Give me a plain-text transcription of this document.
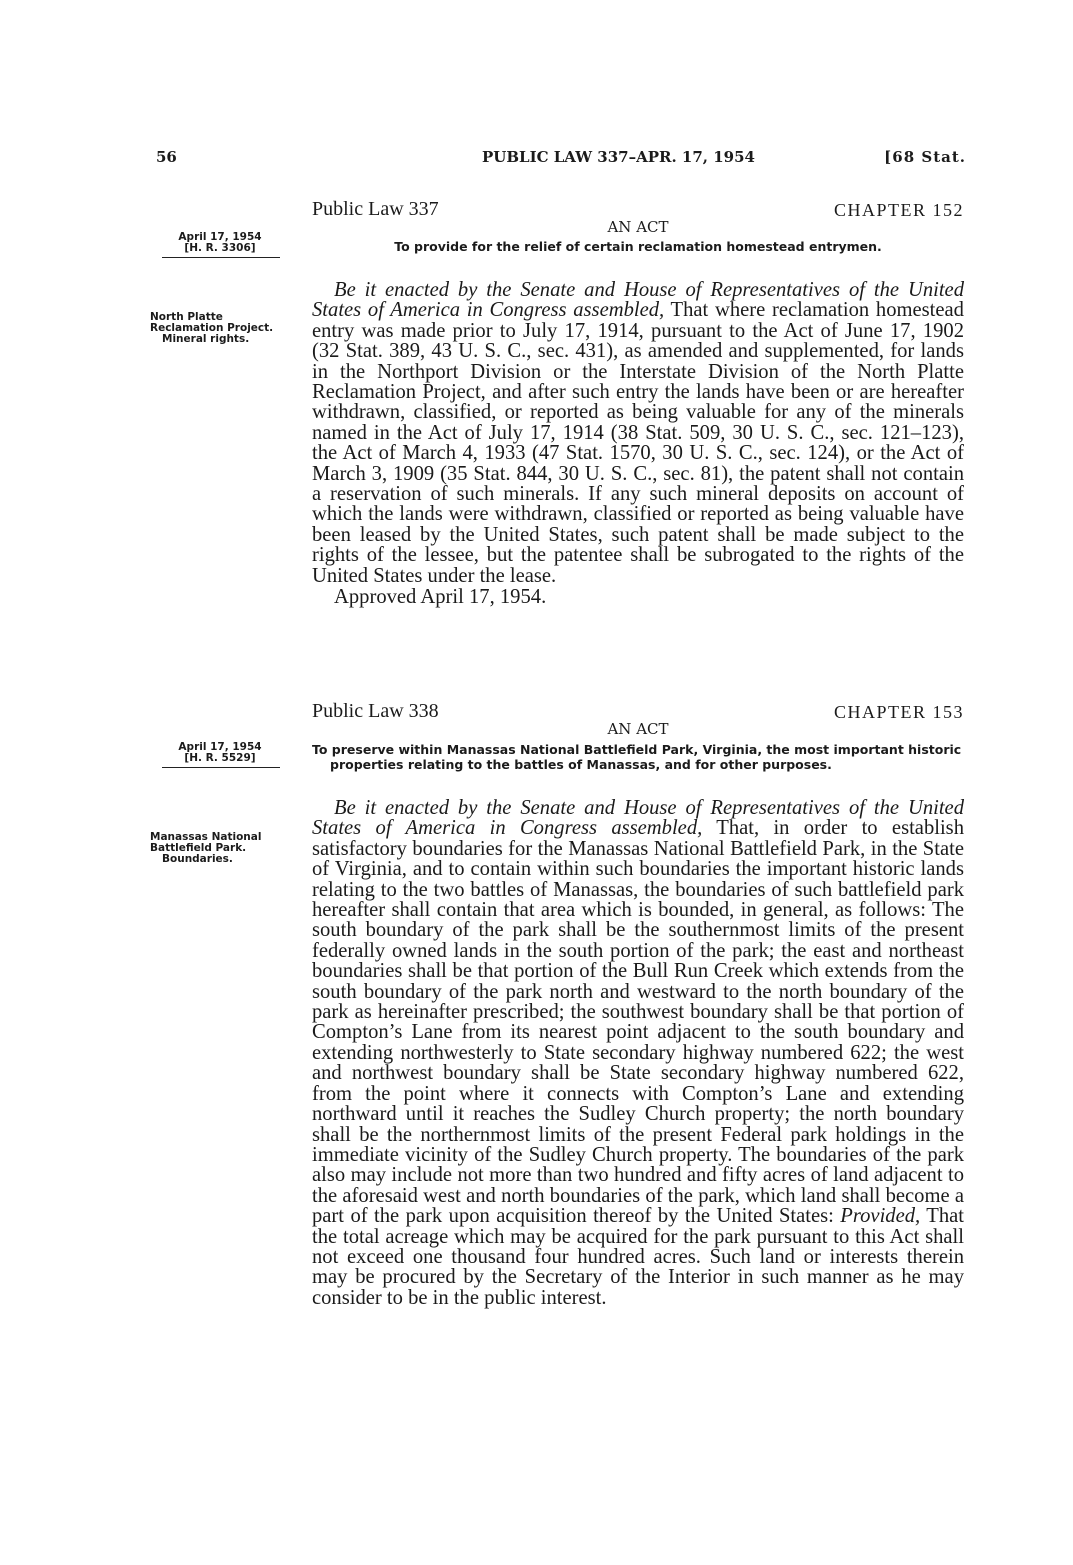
56	PUBLIC LAW 337–APR. 17, 1954	[68 Stat.
April 17, 1954
[H. R. 3306]
North Platte Reclamation Project.
Mineral rights.
Public Law 337	CHAPTER 152
AN ACT
To provide for the relief of certain reclamation homestead entrymen.

Be it enacted by the Senate and House of Representatives of the United States of America in Congress assembled, That where reclamation homestead entry was made prior to July 17, 1914, pursuant to the Act of June 17, 1902 (32 Stat. 389, 43 U. S. C., sec. 431), as amended and supplemented, for lands in the Northport Division or the Interstate Division of the North Platte Reclamation Project, and after such entry the lands have been or are hereafter withdrawn, classified, or reported as being valuable for any of the minerals named in the Act of July 17, 1914 (38 Stat. 509, 30 U. S. C., sec. 121–123), the Act of March 4, 1933 (47 Stat. 1570, 30 U. S. C., sec. 124), or the Act of March 3, 1909 (35 Stat. 844, 30 U. S. C., sec. 81), the patent shall not contain a reservation of such minerals. If any such mineral deposits on account of which the lands were withdrawn, classified or reported as being valuable have been leased by the United States, such patent shall be made subject to the rights of the lessee, but the patentee shall be subrogated to the rights of the United States under the lease.

Approved April 17, 1954.

April 17, 1954
[H. R. 5529]
Manassas National Battlefield Park.
Boundaries.
Public Law 338	CHAPTER 153
AN ACT
To preserve within Manassas National Battlefield Park, Virginia, the most important historic properties relating to the battles of Manassas, and for other purposes.

Be it enacted by the Senate and House of Representatives of the United States of America in Congress assembled, That, in order to establish satisfactory boundaries for the Manassas National Battlefield Park, in the State of Virginia, and to contain within such boundaries the important historic lands relating to the two battles of Manassas, the boundaries of such battlefield park hereafter shall contain that area which is bounded, in general, as follows: The south boundary of the park shall be the southernmost limits of the present federally owned lands in the south portion of the park; the east and northeast boundaries shall be that portion of the Bull Run Creek which extends from the south boundary of the park north and westward to the north boundary of the park as hereinafter prescribed; the southwest boundary shall be that portion of Compton’s Lane from its nearest point adjacent to the south boundary and extending northwesterly to State secondary highway numbered 622; the west and northwest boundary shall be State secondary highway numbered 622, from the point where it connects with Compton’s Lane and extending northward until it reaches the Sudley Church property; the north boundary shall be the northernmost limits of the present Federal park holdings in the immediate vicinity of the Sudley Church property. The boundaries of the park also may include not more than two hundred and fifty acres of land adjacent to the aforesaid west and north boundaries of the park, which land shall become a part of the park upon acquisition thereof by the United States: Provided, That the total acreage which may be acquired for the park pursuant to this Act shall not exceed one thousand four hundred acres. Such land or interests therein may be procured by the Secretary of the Interior in such manner as he may consider to be in the public interest.
